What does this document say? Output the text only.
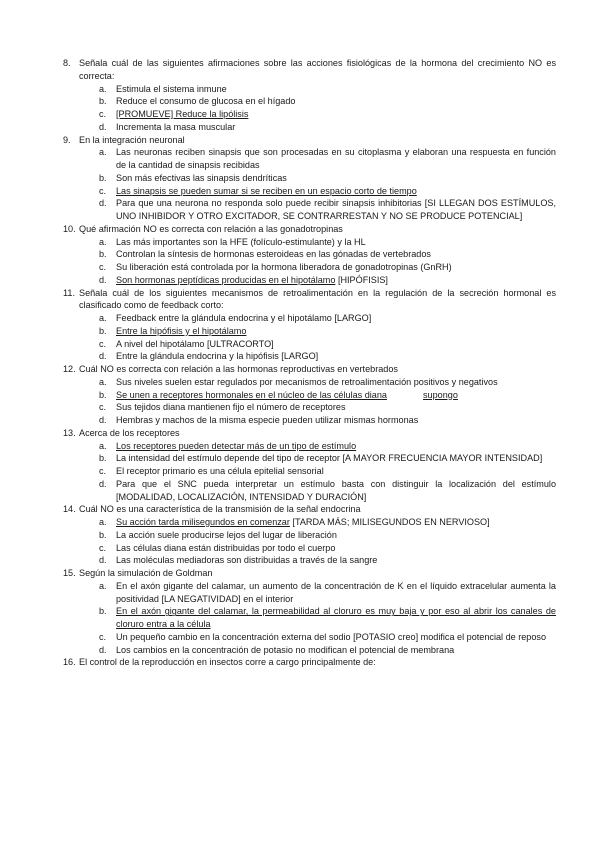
8. Señala cuál de las siguientes afirmaciones sobre las acciones fisiológicas de la hormona del crecimiento NO es correcta:
a. Estimula el sistema inmune
b. Reduce el consumo de glucosa en el hígado
c. [PROMUEVE] Reduce la lipólisis
d. Incrementa la masa muscular
9. En la integración neuronal
a. Las neuronas reciben sinapsis que son procesadas en su citoplasma y elaboran una respuesta en función de la cantidad de sinapsis recibidas
b. Son más efectivas las sinapsis dendríticas
c. Las sinapsis se pueden sumar si se reciben en un espacio corto de tiempo
d. Para que una neurona no responda solo puede recibir sinapsis inhibitorias [SI LLEGAN DOS ESTÍMULOS, UNO INHIBIDOR Y OTRO EXCITADOR, SE CONTRARRESTAN Y NO SE PRODUCE POTENCIAL]
10. Qué afirmación NO es correcta con relación a las gonadotropinas
a. Las más importantes son la HFE (folículo-estimulante) y la HL
b. Controlan la síntesis de hormonas esteroideas en las gónadas de vertebrados
c. Su liberación está controlada por la hormona liberadora de gonadotropinas (GnRH)
d. Son hormonas peptídicas producidas en el hipotálamo [HIPÓFISIS]
11. Señala cuál de los siguientes mecanismos de retroalimentación en la regulación de la secreción hormonal es clasificado como de feedback corto:
a. Feedback entre la glándula endocrina y el hipotálamo [LARGO]
b. Entre la hipófisis y el hipotálamo
c. A nivel del hipotálamo [ULTRACORTO]
d. Entre la glándula endocrina y la hipófisis [LARGO]
12. Cuál NO es correcta con relación a las hormonas reproductivas en vertebrados
a. Sus niveles suelen estar regulados por mecanismos de retroalimentación positivos y negativos
b. Se unen a receptores hormonales en el núcleo de las células diana	supongo
c. Sus tejidos diana mantienen fijo el número de receptores
d. Hembras y machos de la misma especie pueden utilizar mismas hormonas
13. Acerca de los receptores
a. Los receptores pueden detectar más de un tipo de estímulo
b. La intensidad del estímulo depende del tipo de receptor [A MAYOR FRECUENCIA MAYOR INTENSIDAD]
c. El receptor primario es una célula epitelial sensorial
d. Para que el SNC pueda interpretar un estímulo basta con distinguir la localización del estímulo [MODALIDAD, LOCALIZACIÓN, INTENSIDAD Y DURACIÓN]
14. Cuál NO es una característica de la transmisión de la señal endocrina
a. Su acción tarda milisegundos en comenzar [TARDA MÁS; MILISEGUNDOS EN NERVIOSO]
b. La acción suele producirse lejos del lugar de liberación
c. Las células diana están distribuidas por todo el cuerpo
d. Las moléculas mediadoras son distribuidas a través de la sangre
15. Según la simulación de Goldman
a. En el axón gigante del calamar, un aumento de la concentración de K en el líquido extracelular aumenta la positividad [LA NEGATIVIDAD] en el interior
b. En el axón gigante del calamar, la permeabilidad al cloruro es muy baja y por eso al abrir los canales de cloruro entra a la célula
c. Un pequeño cambio en la concentración externa del sodio [POTASIO creo] modifica el potencial de reposo
d. Los cambios en la concentración de potasio no modifican el potencial de membrana
16. El control de la reproducción en insectos corre a cargo principalmente de:
